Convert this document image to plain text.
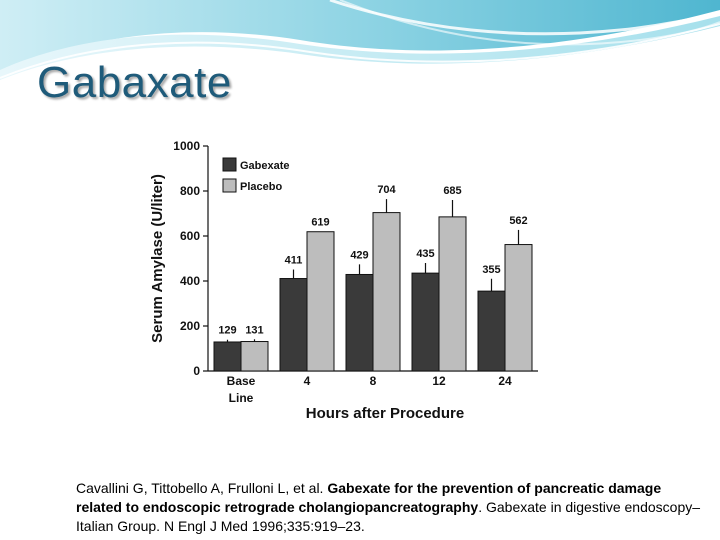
Gabaxate
0
200
400
600
800
1000
Serum Amylase (U/liter)
Hours after Procedure
Base
Line
4	8	12	24
129 131
411
619
429
704
435
685
355
562
Gabexate
Placebo
Cavallini G, Tittobello A, Frulloni L, et al. Gabexate for the prevention of pancreatic damage related to endoscopic retrograde cholangiopancreatography. Gabexate in digestive endoscopy–Italian Group. N Engl J Med 1996;335:919–23.
